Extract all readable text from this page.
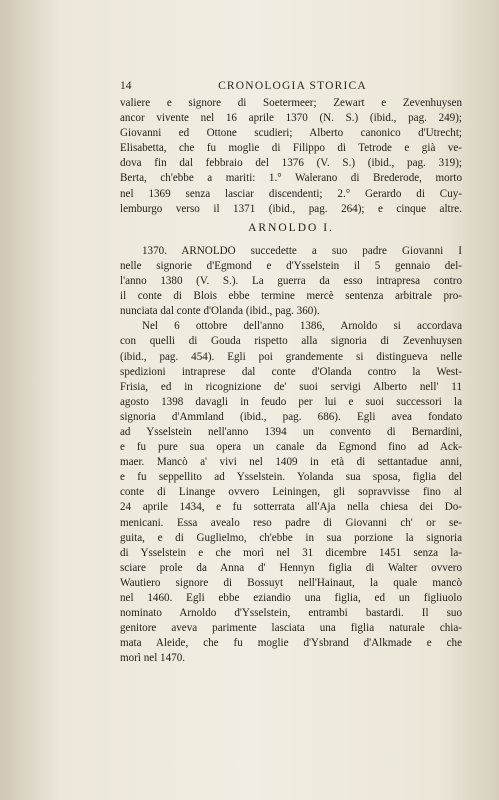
14	CRONOLOGIA STORICA

valiere e signore di Soetermeer; Zewart e Zevenhuysen
ancor vivente nel 16 aprile 1370 (N. S.) (ibid., pag. 249);
Giovanni ed Ottone scudieri; Alberto canonico d'Utrecht;
Elisabetta, che fu moglie di Filippo di Tetrode e già ve-
dova fin dal febbraio del 1376 (V. S.) (ibid., pag. 319);
Berta, ch'ebbe a mariti: 1.° Walerano di Brederode, morto
nel 1369 senza lasciar discendenti; 2.° Gerardo di Cuy-
lemburgo verso il 1371 (ibid., pag. 264); e cinque altre.

ARNOLDO I.

1370. ARNOLDO succedette a suo padre Giovanni I
nelle signorie d'Egmond e d'Ysselstein il 5 gennaio del-
l'anno 1380 (V. S.). La guerra da esso intrapresa contro
il conte di Blois ebbe termine mercè sentenza arbitrale pro-
nunciata dal conte d'Olanda (ibid., pag. 360).

Nel 6 ottobre dell'anno 1386, Arnoldo si accordava
con quelli di Gouda rispetto alla signoria di Zevenhuysen
(ibid., pag. 454). Egli poi grandemente si distingueva nelle
spedizioni intraprese dal conte d'Olanda contro la West-
Frisia, ed in ricognizione de' suoi servigi Alberto nell' 11
agosto 1398 davagli in feudo per lui e suoi successori la
signoria d'Ammland (ibid., pag. 686). Egli avea fondato
ad Ysselstein nell'anno 1394 un convento di Bernardini,
e fu pure sua opera un canale da Egmond fino ad Ack-
maer. Mancò a' vivi nel 1409 in età di settantadue anni,
e fu seppellito ad Ysselstein. Yolanda sua sposa, figlia del
conte di Linange ovvero Leiningen, gli sopravvisse fino al
24 aprile 1434, e fu sotterrata all'Aja nella chiesa dei Do-
menicani. Essa avealo reso padre di Giovanni ch' or se-
guita, e di Guglielmo, ch'ebbe in sua porzione la signoria
di Ysselstein e che morì nel 31 dicembre 1451 senza la-
sciare prole da Anna d' Hennyn figlia di Walter ovvero
Wautiero signore di Bossuyt nell'Hainaut, la quale mancò
nel 1460. Egli ebbe eziandio una figlia, ed un figliuolo
nominato Arnoldo d'Ysselstein, entrambi bastardi. Il suo
genitore aveva parimente lasciata una figlia naturale chia-
mata Aleide, che fu moglie d'Ysbrand d'Alkmade e che
morì nel 1470.
